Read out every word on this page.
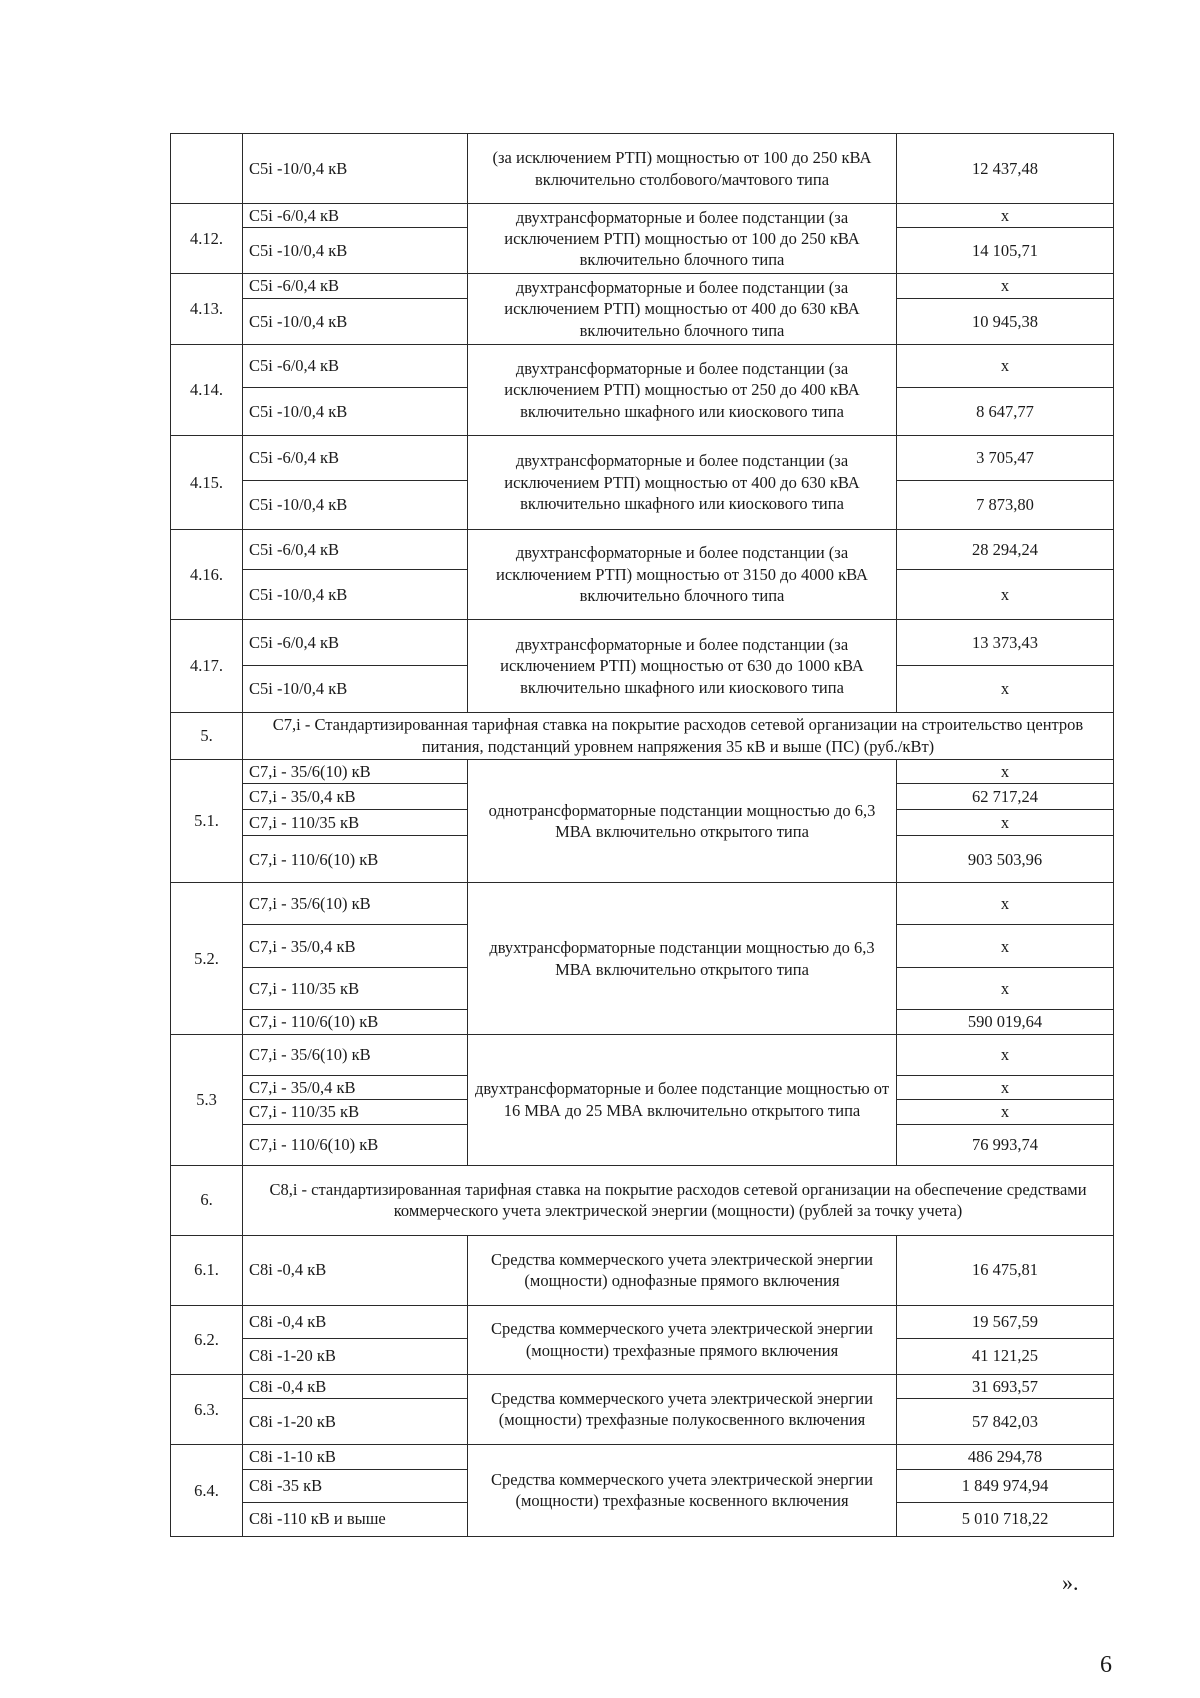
	C5i -10/0,4 кВ	(за исключением РТП) мощностью от 100 до 250 кВА включительно столбового/мачтового типа	12 437,48
4.12.	C5i -6/0,4 кВ	двухтрансформаторные и более подстанции (за исключением РТП) мощностью от 100 до 250 кВА включительно блочного типа	x
	C5i -10/0,4 кВ		14 105,71
4.13.	C5i -6/0,4 кВ	двухтрансформаторные и более подстанции (за исключением РТП) мощностью от 400 до 630 кВА включительно блочного типа	x
	C5i -10/0,4 кВ		10 945,38
4.14.	C5i -6/0,4 кВ	двухтрансформаторные и более подстанции (за исключением РТП) мощностью от 250 до 400 кВА включительно шкафного или киоскового типа	x
	C5i -10/0,4 кВ		8 647,77
4.15.	C5i -6/0,4 кВ	двухтрансформаторные и более подстанции (за исключением РТП) мощностью от 400 до 630 кВА включительно шкафного или киоскового типа	3 705,47
	C5i -10/0,4 кВ		7 873,80
4.16.	C5i -6/0,4 кВ	двухтрансформаторные и более подстанции (за исключением РТП) мощностью от 3150 до 4000 кВА включительно блочного типа	28 294,24
	C5i -10/0,4 кВ		x
4.17.	C5i -6/0,4 кВ	двухтрансформаторные и более подстанции (за исключением РТП) мощностью от 630 до 1000 кВА включительно шкафного или киоскового типа	13 373,43
	C5i -10/0,4 кВ		x
5.	С7,i - Стандартизированная тарифная ставка на покрытие расходов сетевой организации на строительство центров питания, подстанций уровнем напряжения 35 кВ и выше (ПС) (руб./кВт)		
5.1.	С7,i - 35/6(10) кВ	однотрансформаторные подстанции мощностью до 6,3 МВА включительно открытого типа	x
	С7,i - 35/0,4 кВ		62 717,24
	С7,i - 110/35 кВ		x
	С7,i - 110/6(10) кВ		903 503,96
5.2.	С7,i - 35/6(10) кВ	двухтрансформаторные подстанции мощностью до 6,3 МВА включительно открытого типа	x
	С7,i - 35/0,4 кВ		x
	С7,i - 110/35 кВ		x
	С7,i - 110/6(10) кВ		590 019,64
5.3	С7,i - 35/6(10) кВ	двухтрансформаторные и более подстанцие мощностью от 16 МВА до 25 МВА включительно открытого типа	x
	С7,i - 35/0,4 кВ		x
	С7,i - 110/35 кВ		x
	С7,i - 110/6(10) кВ		76 993,74
6.	С8,i - стандартизированная тарифная ставка на покрытие расходов сетевой организации на обеспечение средствами коммерческого учета электрической энергии (мощности) (рублей за точку учета)		
6.1.	С8i -0,4 кВ	Средства коммерческого учета электрической энергии (мощности) однофазные прямого включения	16 475,81
6.2.	С8i -0,4 кВ	Средства коммерческого учета электрической энергии (мощности) трехфазные прямого включения	19 567,59
	С8i -1-20 кВ		41 121,25
6.3.	С8i -0,4 кВ	Средства коммерческого учета электрической энергии (мощности) трехфазные полукосвенного включения	31 693,57
	С8i -1-20 кВ		57 842,03
6.4.	С8i -1-10 кВ	Средства коммерческого учета электрической энергии (мощности) трехфазные косвенного включения	486 294,78
	С8i -35 кВ		1 849 974,94
	С8i -110 кВ и выше		5 010 718,22
».
6
